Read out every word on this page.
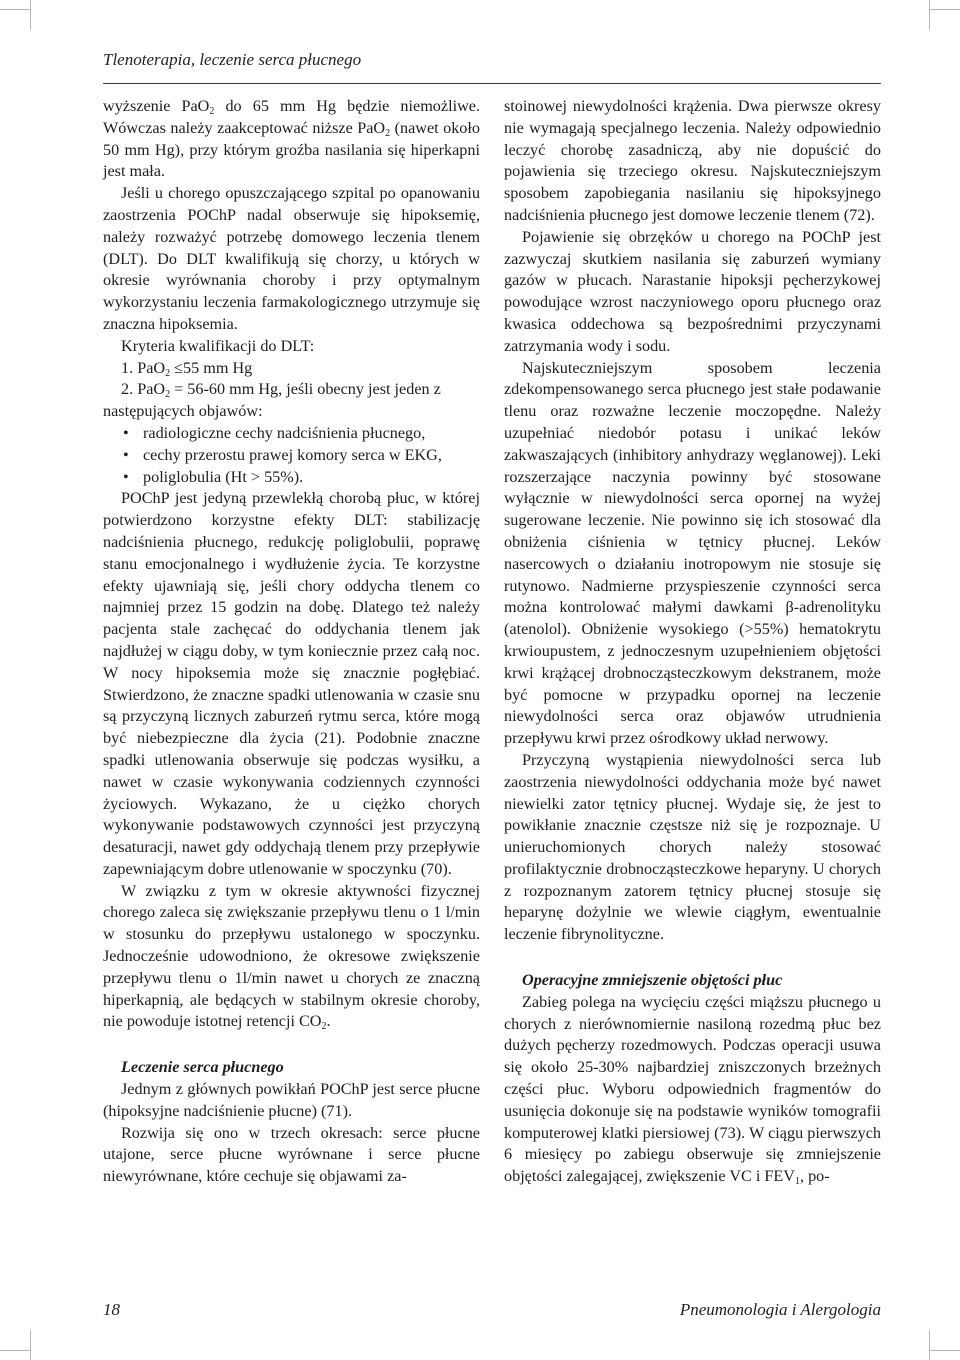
Tlenoterapia, leczenie serca płucnego

wyższenie PaO$_2$ do 65 mm Hg będzie niemożliwe. Wówczas należy zaakceptować niższe PaO$_2$ (nawet około 50 mm Hg), przy którym groźba nasilania się hiperkapni jest mała.

Jeśli u chorego opuszczającego szpital po opanowaniu zaostrzenia POChP nadal obserwuje się hipoksemię, należy rozważyć potrzebę domowego leczenia tlenem (DLT). Do DLT kwalifikują się chorzy, u których w okresie wyrównania choroby i przy optymalnym wykorzystaniu leczenia farmakologicznego utrzymuje się znaczna hipoksemia.

Kryteria kwalifikacji do DLT:

1. PaO$_2$ ≤55 mm Hg

2. PaO$_2$ = 56-60 mm Hg, jeśli obecny jest jeden z

następujących objawów:

• radiologiczne cechy nadciśnienia płucnego,
• cechy przerostu prawej komory serca w EKG,
• poliglobulia (Ht > 55%).

POChP jest jedyną przewlekłą chorobą płuc, w której potwierdzono korzystne efekty DLT: stabilizację nadciśnienia płucnego, redukcję poliglobulii, poprawę stanu emocjonalnego i wydłużenie życia. Te korzystne efekty ujawniają się, jeśli chory oddycha tlenem co najmniej przez 15 godzin na dobę. Dlatego też należy pacjenta stale zachęcać do oddychania tlenem jak najdłużej w ciągu doby, w tym koniecznie przez całą noc. W nocy hipoksemia może się znacznie pogłębiać. Stwierdzono, że znaczne spadki utlenowania w czasie snu są przyczyną licznych zaburzeń rytmu serca, które mogą być niebezpieczne dla życia (21). Podobnie znaczne spadki utlenowania obserwuje się podczas wysiłku, a nawet w czasie wykonywania codziennych czynności życiowych. Wykazano, że u ciężko chorych wykonywanie podstawowych czynności jest przyczyną desaturacji, nawet gdy oddychają tlenem przy przepływie zapewniającym dobre utlenowanie w spoczynku (70).

W związku z tym w okresie aktywności fizycznej chorego zaleca się zwiększanie przepływu tlenu o 1 l/min w stosunku do przepływu ustalonego w spoczynku. Jednocześnie udowodniono, że okresowe zwiększenie przepływu tlenu o 1l/min nawet u chorych ze znaczną hiperkapnią, ale będących w stabilnym okresie choroby, nie powoduje istotnej retencji $CO_2$.

Leczenie serca płucnego

Jednym z głównych powikłań POChP jest serce płucne (hipoksyjne nadciśnienie płucne) (71).

Rozwija się ono w trzech okresach: serce płucne utajone, serce płucne wyrównane i serce płucne niewyrównane, które cechuje się objawami za-

stoinowej niewydolności krążenia. Dwa pierwsze okresy nie wymagają specjalnego leczenia. Należy odpowiednio leczyć chorobę zasadniczą, aby nie dopuścić do pojawienia się trzeciego okresu. Najskuteczniejszym sposobem zapobiegania nasilaniu się hipoksyjnego nadciśnienia płucnego jest domowe leczenie tlenem (72).

Pojawienie się obrzęków u chorego na POChP jest zazwyczaj skutkiem nasilania się zaburzeń wymiany gazów w płucach. Narastanie hipoksji pęcherzykowej powodujące wzrost naczyniowego oporu płucnego oraz kwasica oddechowa są bezpośrednimi przyczynami zatrzymania wody i sodu.

Najskuteczniejszym sposobem leczenia zdekompensowanego serca płucnego jest stałe podawanie tlenu oraz rozważne leczenie moczopędne. Należy uzupełniać niedobór potasu i unikać leków zakwaszających (inhibitory anhydrazy węglanowej). Leki rozszerzające naczynia powinny być stosowane wyłącznie w niewydolności serca opornej na wyżej sugerowane leczenie. Nie powinno się ich stosować dla obniżenia ciśnienia w tętnicy płucnej. Leków nasercowych o działaniu inotropowym nie stosuje się rutynowo. Nadmierne przyspieszenie czynności serca można kontrolować małymi dawkami β-adrenolityku (atenolol). Obniżenie wysokiego (>55%) hematokrytu krwioupustem, z jednoczesnym uzupełnieniem objętości krwi krążącej drobnocząsteczkowym dekstranem, może być pomocne w przypadku opornej na leczenie niewydolności serca oraz objawów utrudnienia przepływu krwi przez ośrodkowy układ nerwowy.

Przyczyną wystąpienia niewydolności serca lub zaostrzenia niewydolności oddychania może być nawet niewielki zator tętnicy płucnej. Wydaje się, że jest to powikłanie znacznie częstsze niż się je rozpoznaje. U unieruchomionych chorych należy stosować profilaktycznie drobnocząsteczkowe heparyny. U chorych z rozpoznanym zatorem tętnicy płucnej stosuje się heparynę dożylnie we wlewie ciągłym, ewentualnie leczenie fibrynolityczne.

Operacyjne zmniejszenie objętości płuc

Zabieg polega na wycięciu części miąższu płucnego u chorych z nierównomiernie nasiloną rozedmą płuc bez dużych pęcherzy rozedmowych. Podczas operacji usuwa się około 25-30% najbardziej zniszczonych brzeżnych części płuc. Wyboru odpowiednich fragmentów do usunięcia dokonuje się na podstawie wyników tomografii komputerowej klatki piersiowej (73). W ciągu pierwszych 6 miesięcy po zabiegu obserwuje się zmniejszenie objętości zalegającej, zwiększenie VC i $FEV_1$, po-

18	Pneumonologia i Alergologia
